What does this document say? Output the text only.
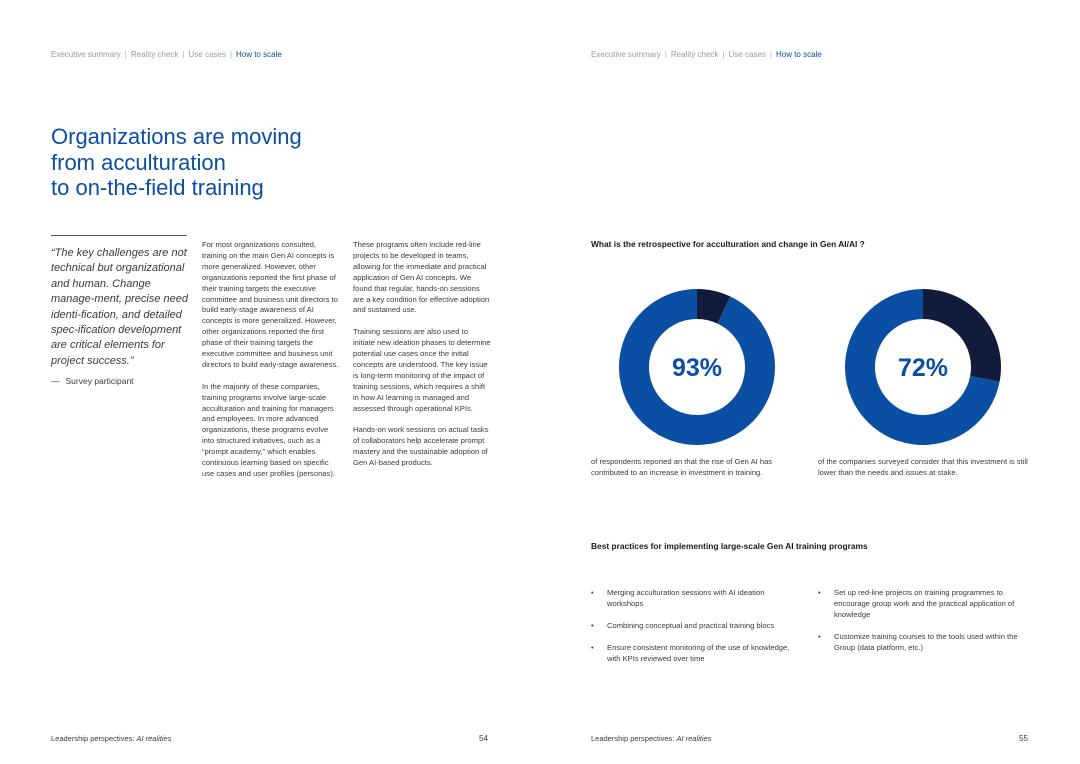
Executive summary | Reality check | Use cases | How to scale
Organizations are moving
from acculturation
to on-the-field training

“The key challenges are not technical but organizational and human. Change manage-ment, precise need identi-fication, and detailed spec-ification development are critical elements for project success.”

— Survey participant

For most organizations consulted, training on the main Gen AI concepts is more generalized. However, other organizations reported the first phase of their training targets the executive committee and business unit directors to build early-stage awareness of AI concepts is more generalized. However, other organizations reported the first phase of their training targets the executive committee and business unit directors to build early-stage awareness.

In the majority of these companies, training programs involve large-scale acculturation and training for managers and employees. In more advanced organizations, these programs evolve into structured initiatives, such as a “prompt academy,” which enables continuous learning based on specific use cases and user profiles (personas).

These programs often include red-line projects to be developed in teams, allowing for the immediate and practical application of Gen AI concepts. We found that regular, hands-on sessions are a key condition for effective adoption and sustained use.

Training sessions are also used to initiate new ideation phases to determine potential use cases once the initial concepts are understood. The key issue is long-term monitoring of the impact of training sessions, which requires a shift in how AI learning is managed and assessed through operational KPIs.

Hands-on work sessions on actual tasks of collaborators help accelerate prompt mastery and the sustainable adoption of Gen AI-based products.

Leadership perspectives: AI realities	54
Executive summary | Reality check | Use cases | How to scale
What is the retrospective for acculturation and change in Gen AI/AI ?
93%	72%
of respondents reported an that the rise of Gen AI has contributed to an increase in investment in training.
of the companies surveyed consider that this investment is still lower than the needs and issues at stake.
Best practices for implementing large-scale Gen AI training programs
• Merging acculturation sessions with AI ideation workshops
• Combining conceptual and practical training blocs
• Ensure consistent monitoring of the use of knowledge, with KPIs reviewed over time
• Set up red-line projects on training programmes to encourage group work and the practical application of knowledge
• Customize training courses to the tools used within the Group (data platform, etc.)
Leadership perspectives: AI realities	55
